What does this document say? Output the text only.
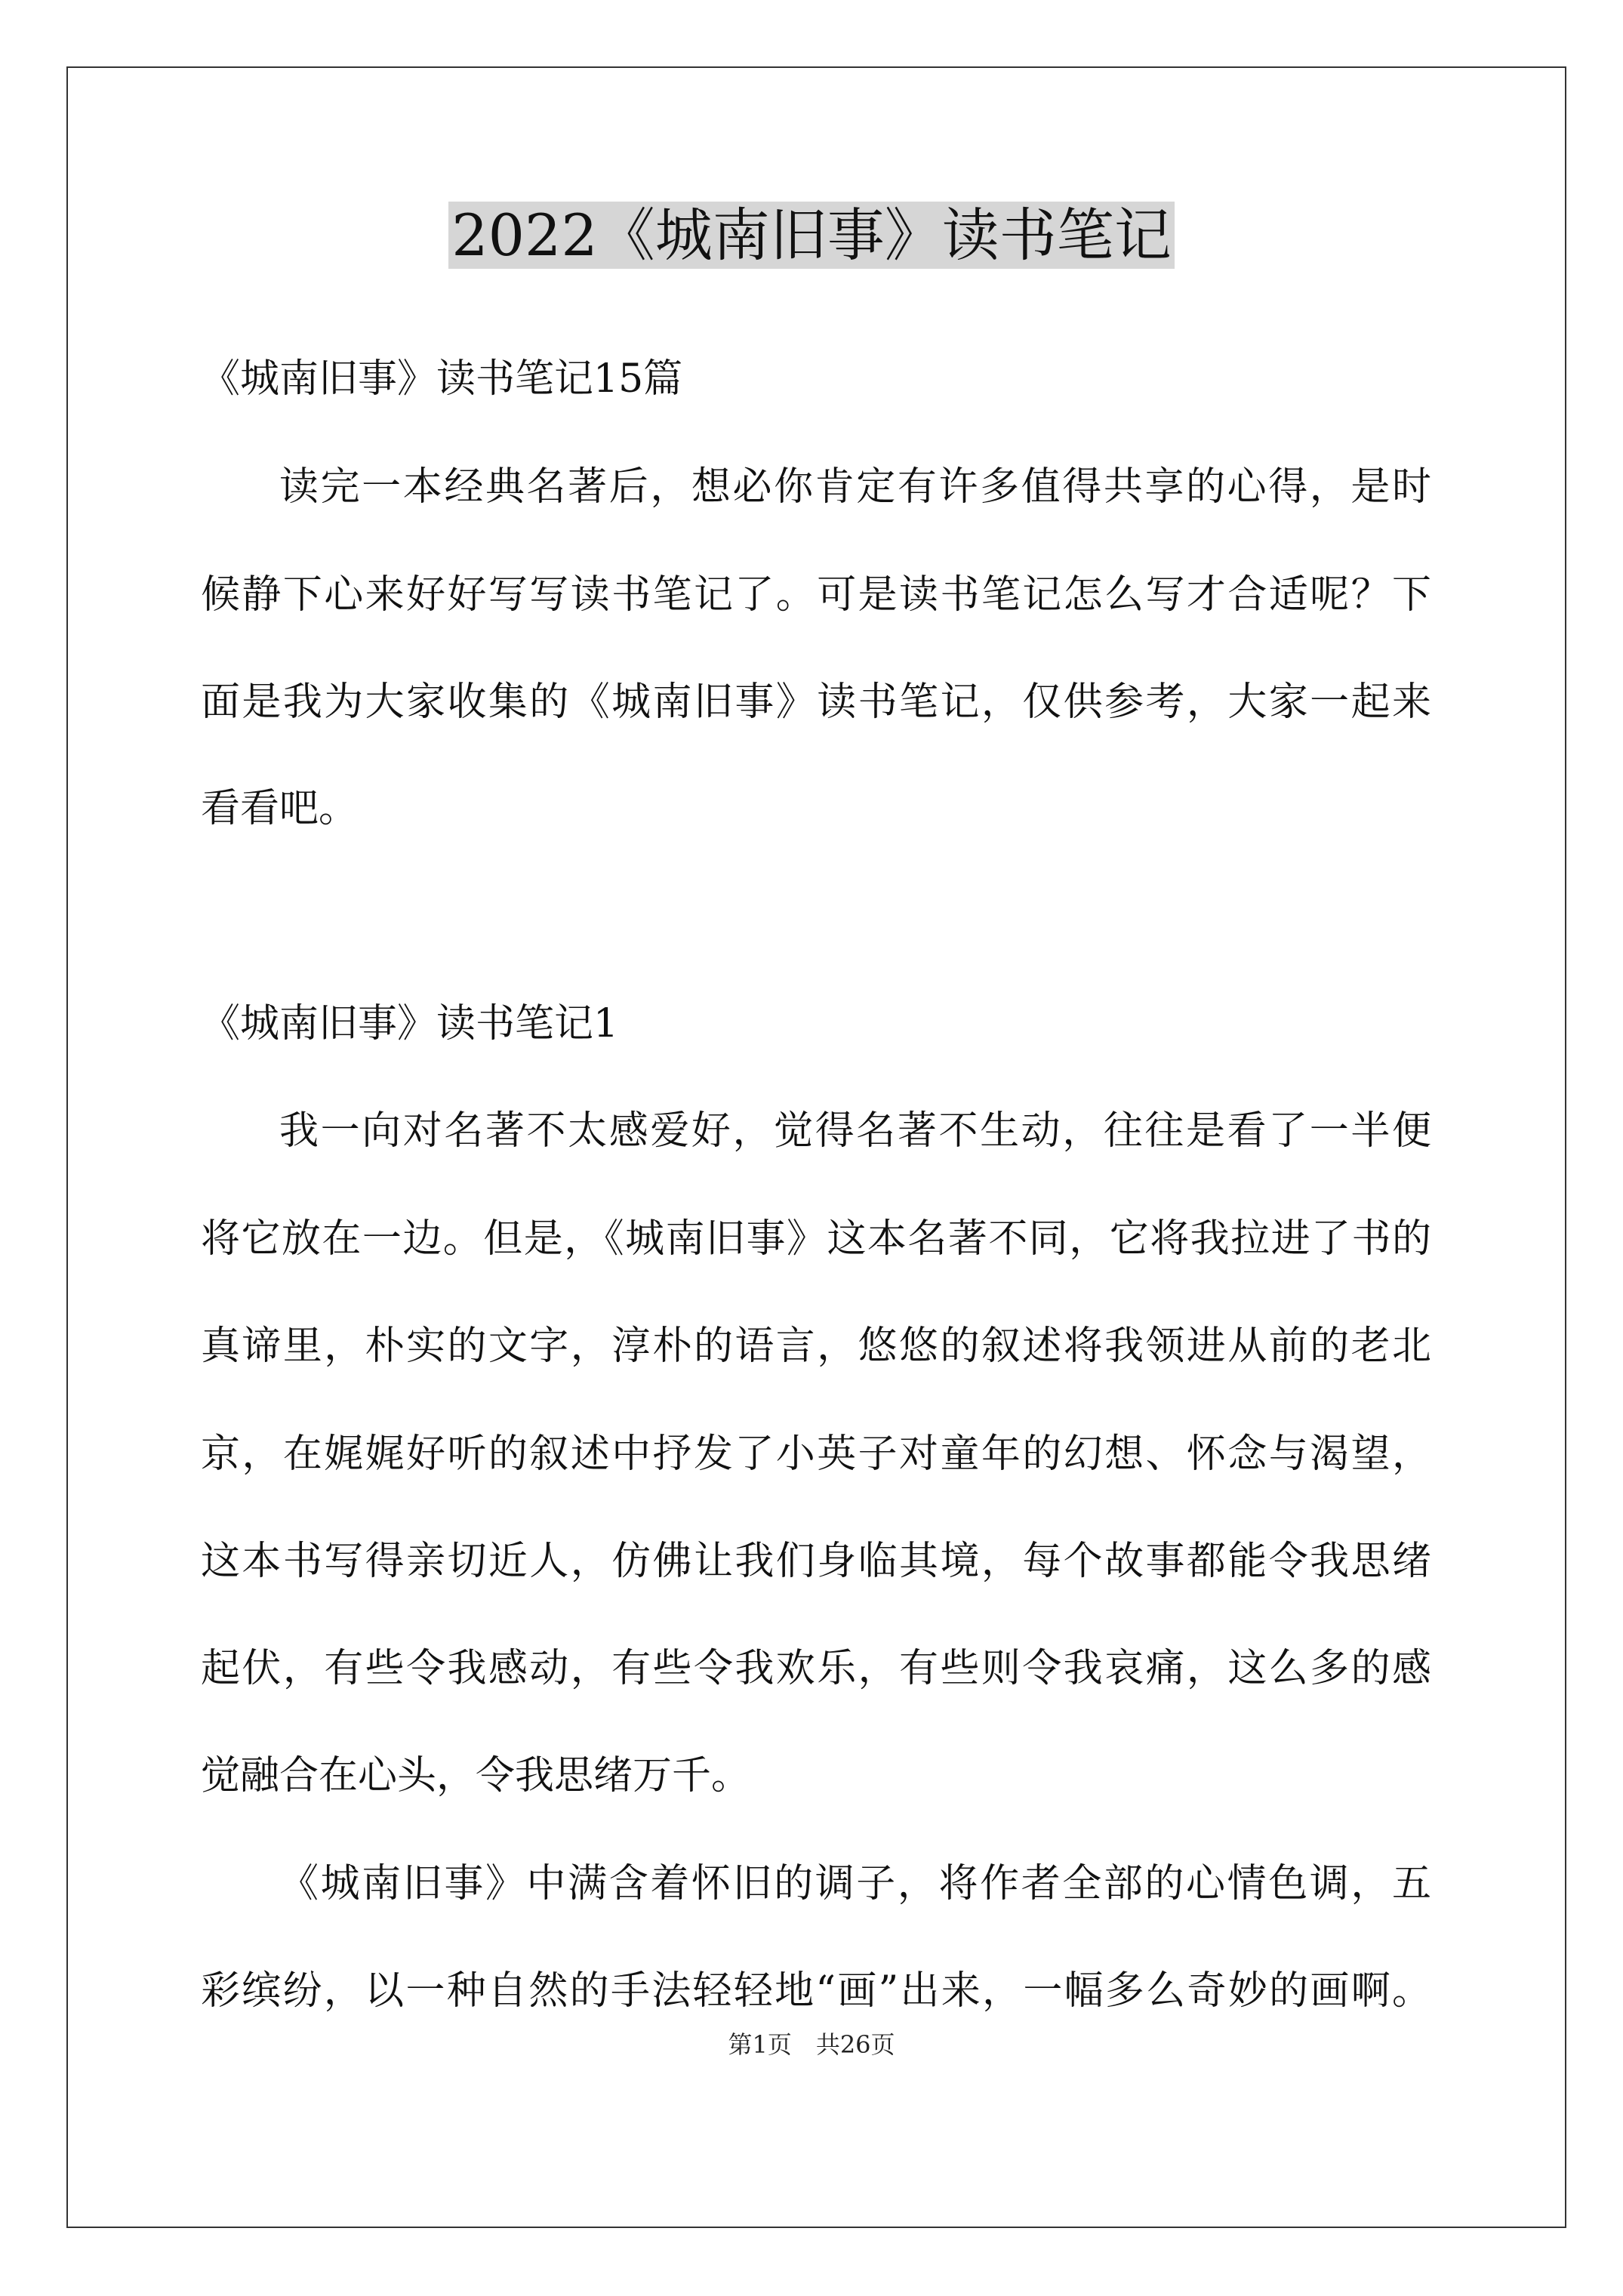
2022《城南旧事》读书笔记
《城南旧事》读书笔记15篇
读完一本经典名著后，想必你肯定有许多值得共享的心得，是时
候静下心来好好写写读书笔记了。可是读书笔记怎么写才合适呢？下
面是我为大家收集的《城南旧事》读书笔记，仅供参考，大家一起来
看看吧。
《城南旧事》读书笔记1
我一向对名著不太感爱好，觉得名著不生动，往往是看了一半便
将它放在一边。但是，《城南旧事》这本名著不同，它将我拉进了书的
真谛里，朴实的文字，淳朴的语言，悠悠的叙述将我领进从前的老北
京，在娓娓好听的叙述中抒发了小英子对童年的幻想、怀念与渴望，
这本书写得亲切近人，仿佛让我们身临其境，每个故事都能令我思绪
起伏，有些令我感动，有些令我欢乐，有些则令我哀痛，这么多的感
觉融合在心头，令我思绪万千。
《城南旧事》中满含着怀旧的调子，将作者全部的心情色调，五
彩缤纷，以一种自然的手法轻轻地“画”出来，一幅多么奇妙的画啊。
第1页　共26页
